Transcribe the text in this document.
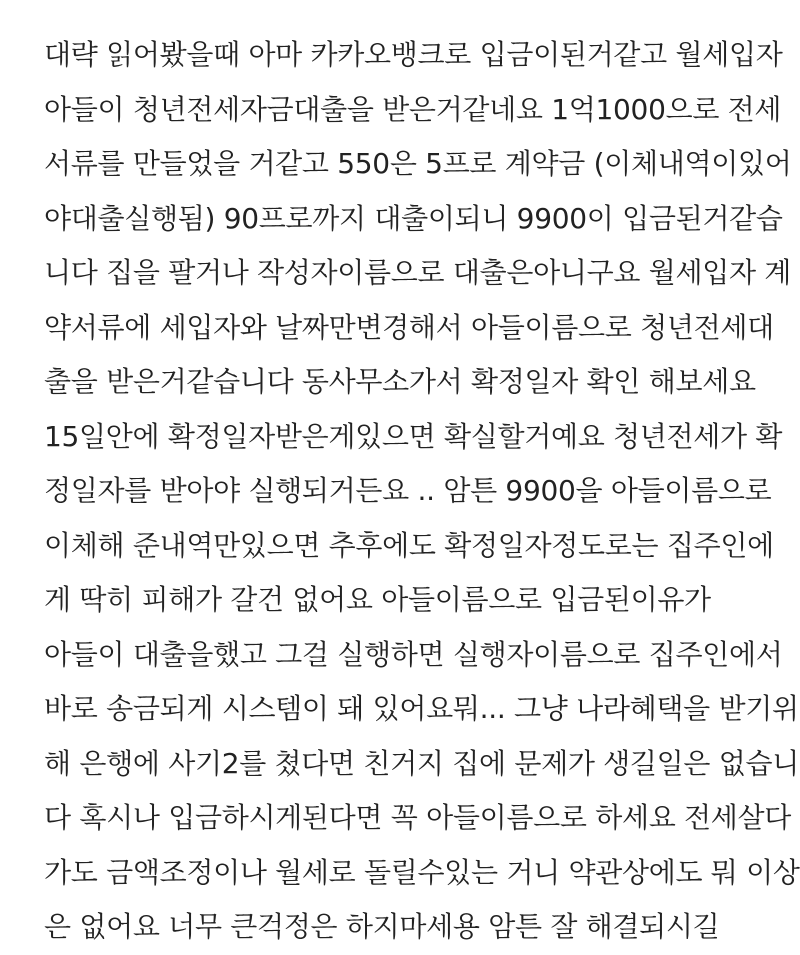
대략 읽어봤을때 아마 카카오뱅크로 입금이된거같고 월세입자
아들이 청년전세자금대출을 받은거같네요 1억1000으로 전세
서류를 만들었을 거같고 550은 5프로 계약금 (이체내역이있어
야대출실행됨) 90프로까지 대출이되니 9900이 입금된거같습
니다 집을 팔거나 작성자이름으로 대출은아니구요 월세입자 계
약서류에 세입자와 날짜만변경해서 아들이름으로 청년전세대
출을 받은거같습니다 동사무소가서 확정일자 확인 해보세요
15일안에 확정일자받은게있으면 확실할거예요 청년전세가 확
정일자를 받아야 실행되거든요 .. 암튼 9900을 아들이름으로
이체해 준내역만있으면 추후에도 확정일자정도로는 집주인에
게 딱히 피해가 갈건 없어요 아들이름으로 입금된이유가
아들이 대출을했고 그걸 실행하면 실행자이름으로 집주인에서
바로 송금되게 시스템이 돼 있어요뭐... 그냥 나라혜택을 받기위
해 은행에 사기2를 쳤다면 친거지 집에 문제가 생길일은 없습니
다 혹시나 입금하시게된다면 꼭 아들이름으로 하세요 전세살다
가도 금액조정이나 월세로 돌릴수있는 거니 약관상에도 뭐 이상
은 없어요 너무 큰걱정은 하지마세용 암튼 잘 해결되시길
